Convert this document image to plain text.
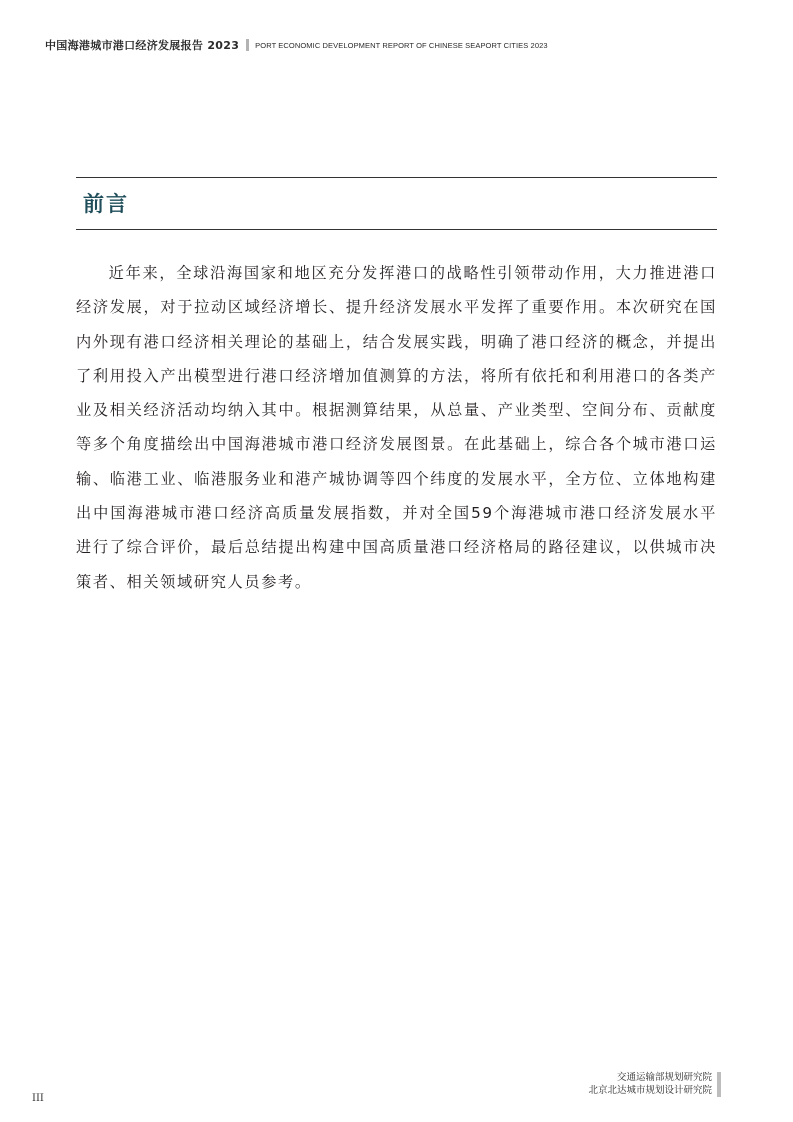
中国海港城市港口经济发展报告 2023 PORT ECONOMIC DEVELOPMENT REPORT OF CHINESE SEAPORT CITIES 2023
前言

近年来，全球沿海国家和地区充分发挥港口的战略性引领带动作用，大力推进港口经济发展，对于拉动区域经济增长、提升经济发展水平发挥了重要作用。本次研究在国内外现有港口经济相关理论的基础上，结合发展实践，明确了港口经济的概念，并提出了利用投入产出模型进行港口经济增加值测算的方法，将所有依托和利用港口的各类产业及相关经济活动均纳入其中。根据测算结果，从总量、产业类型、空间分布、贡献度等多个角度描绘出中国海港城市港口经济发展图景。在此基础上，综合各个城市港口运输、临港工业、临港服务业和港产城协调等四个纬度的发展水平，全方位、立体地构建出中国海港城市港口经济高质量发展指数，并对全国59个海港城市港口经济发展水平进行了综合评价，最后总结提出构建中国高质量港口经济格局的路径建议，以供城市决策者、相关领域研究人员参考。

交通运输部规划研究院
北京北达城市规划设计研究院
III
